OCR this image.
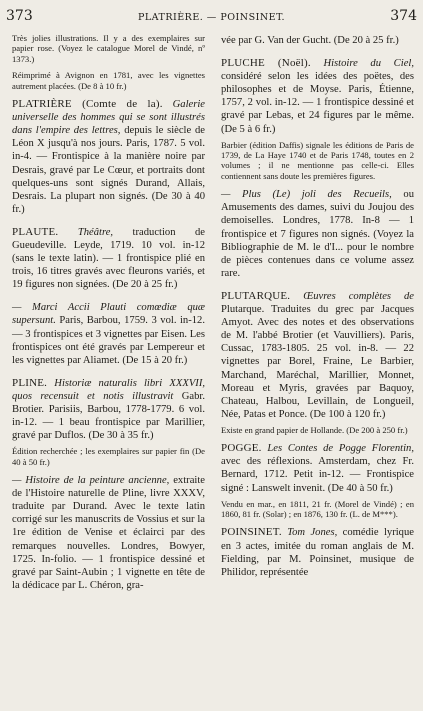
373	PLATRIÈRE. — POINSINET.	374

Très jolies illustrations. Il y a des exemplaires sur papier rose. (Voyez le catalogue Morel de Vindé, nº 1373.)

Réimprimé à Avignon en 1781, avec les vignettes autrement placées. (De 8 à 10 fr.)

PLATRIÈRE (Comte de la). Galerie universelle des hommes qui se sont illustrés dans l'empire des lettres, depuis le siècle de Léon X jusqu'à nos jours. Paris, 1787. 5 vol. in-4. — Frontispice à la manière noire par Desrais, gravé par Le Cœur, et portraits dont quelques-uns sont signés Durand, Allais, Desrais. La plupart non signés. (De 30 à 40 fr.)

PLAUTE. Théâtre, traduction de Gueudeville. Leyde, 1719. 10 vol. in-12 (sans le texte latin). — 1 frontispice plié en trois, 16 titres gravés avec fleurons variés, et 19 figures non signées. (De 20 à 25 fr.)

— Marci Accii Plauti comœdiæ quæ supersunt. Paris, Barbou, 1759. 3 vol. in-12. — 3 frontispices et 3 vignettes par Eisen. Les frontispices ont été gravés par Lempereur et les vignettes par Aliamet. (De 15 à 20 fr.)

PLINE. Historiæ naturalis libri XXXVII, quos recensuit et notis illustravit Gabr. Brotier. Parisiis, Barbou, 1778-1779. 6 vol. in-12. — 1 beau frontispice par Marillier, gravé par Duflos. (De 30 à 35 fr.)

Édition recherchée ; les exemplaires sur papier fin (De 40 à 50 fr.)

— Histoire de la peinture ancienne, extraite de l'Histoire naturelle de Pline, livre XXXV, traduite par Durand. Avec le texte latin corrigé sur les manuscrits de Vossius et sur la 1re édition de Venise et éclairci par des remarques nouvelles. Londres, Bowyer, 1725. In-folio. — 1 frontispice dessiné et gravé par Saint-Aubin ; 1 vignette en tête de la dédicace par L. Chéron, gra-

vée par G. Van der Gucht. (De 20 à 25 fr.)

PLUCHE (Noël). Histoire du Ciel, considéré selon les idées des poëtes, des philosophes et de Moyse. Paris, Étienne, 1757, 2 vol. in-12. — 1 frontispice dessiné et gravé par Lebas, et 24 figures par le même. (De 5 à 6 fr.)

Barbier (édition Daffis) signale les éditions de Paris de 1739, de La Haye 1740 et de Paris 1748, toutes en 2 volumes ; il ne mentionne pas celle-ci. Elles contiennent sans doute les premières figures.

— Plus (Le) joli des Recueils, ou Amusements des dames, suivi du Joujou des demoiselles. Londres, 1778. In-8 — 1 frontispice et 7 figures non signés. (Voyez la Bibliographie de M. le d'I... pour le nombre de pièces contenues dans ce volume assez rare.

PLUTARQUE. Œuvres complètes de Plutarque. Traduites du grec par Jacques Amyot. Avec des notes et des observations de M. l'abbé Brotier (et Vauvilliers). Paris, Cussac, 1783-1805. 25 vol. in-8. — 22 vignettes par Borel, Fraine, Le Barbier, Marchand, Maréchal, Marillier, Monnet, Moreau et Myris, gravées par Baquoy, Chateau, Halbou, Levillain, de Longueil, Née, Patas et Ponce. (De 100 à 120 fr.)

Existe en grand papier de Hollande. (De 200 à 250 fr.)

POGGE. Les Contes de Pogge Florentin, avec des réflexions. Amsterdam, chez Fr. Bernard, 1712. Petit in-12. — Frontispice signé : Lanswelt invenit. (De 40 à 50 fr.)

Vendu en mar., en 1811, 21 fr. (Morel de Vindé) ; en 1860, 81 fr. (Solar) ; en 1876, 130 fr. (L. de M***).

POINSINET. Tom Jones, comédie lyrique en 3 actes, imitée du roman anglais de M. Fielding, par M. Poinsinet, musique de Philidor, représentée
